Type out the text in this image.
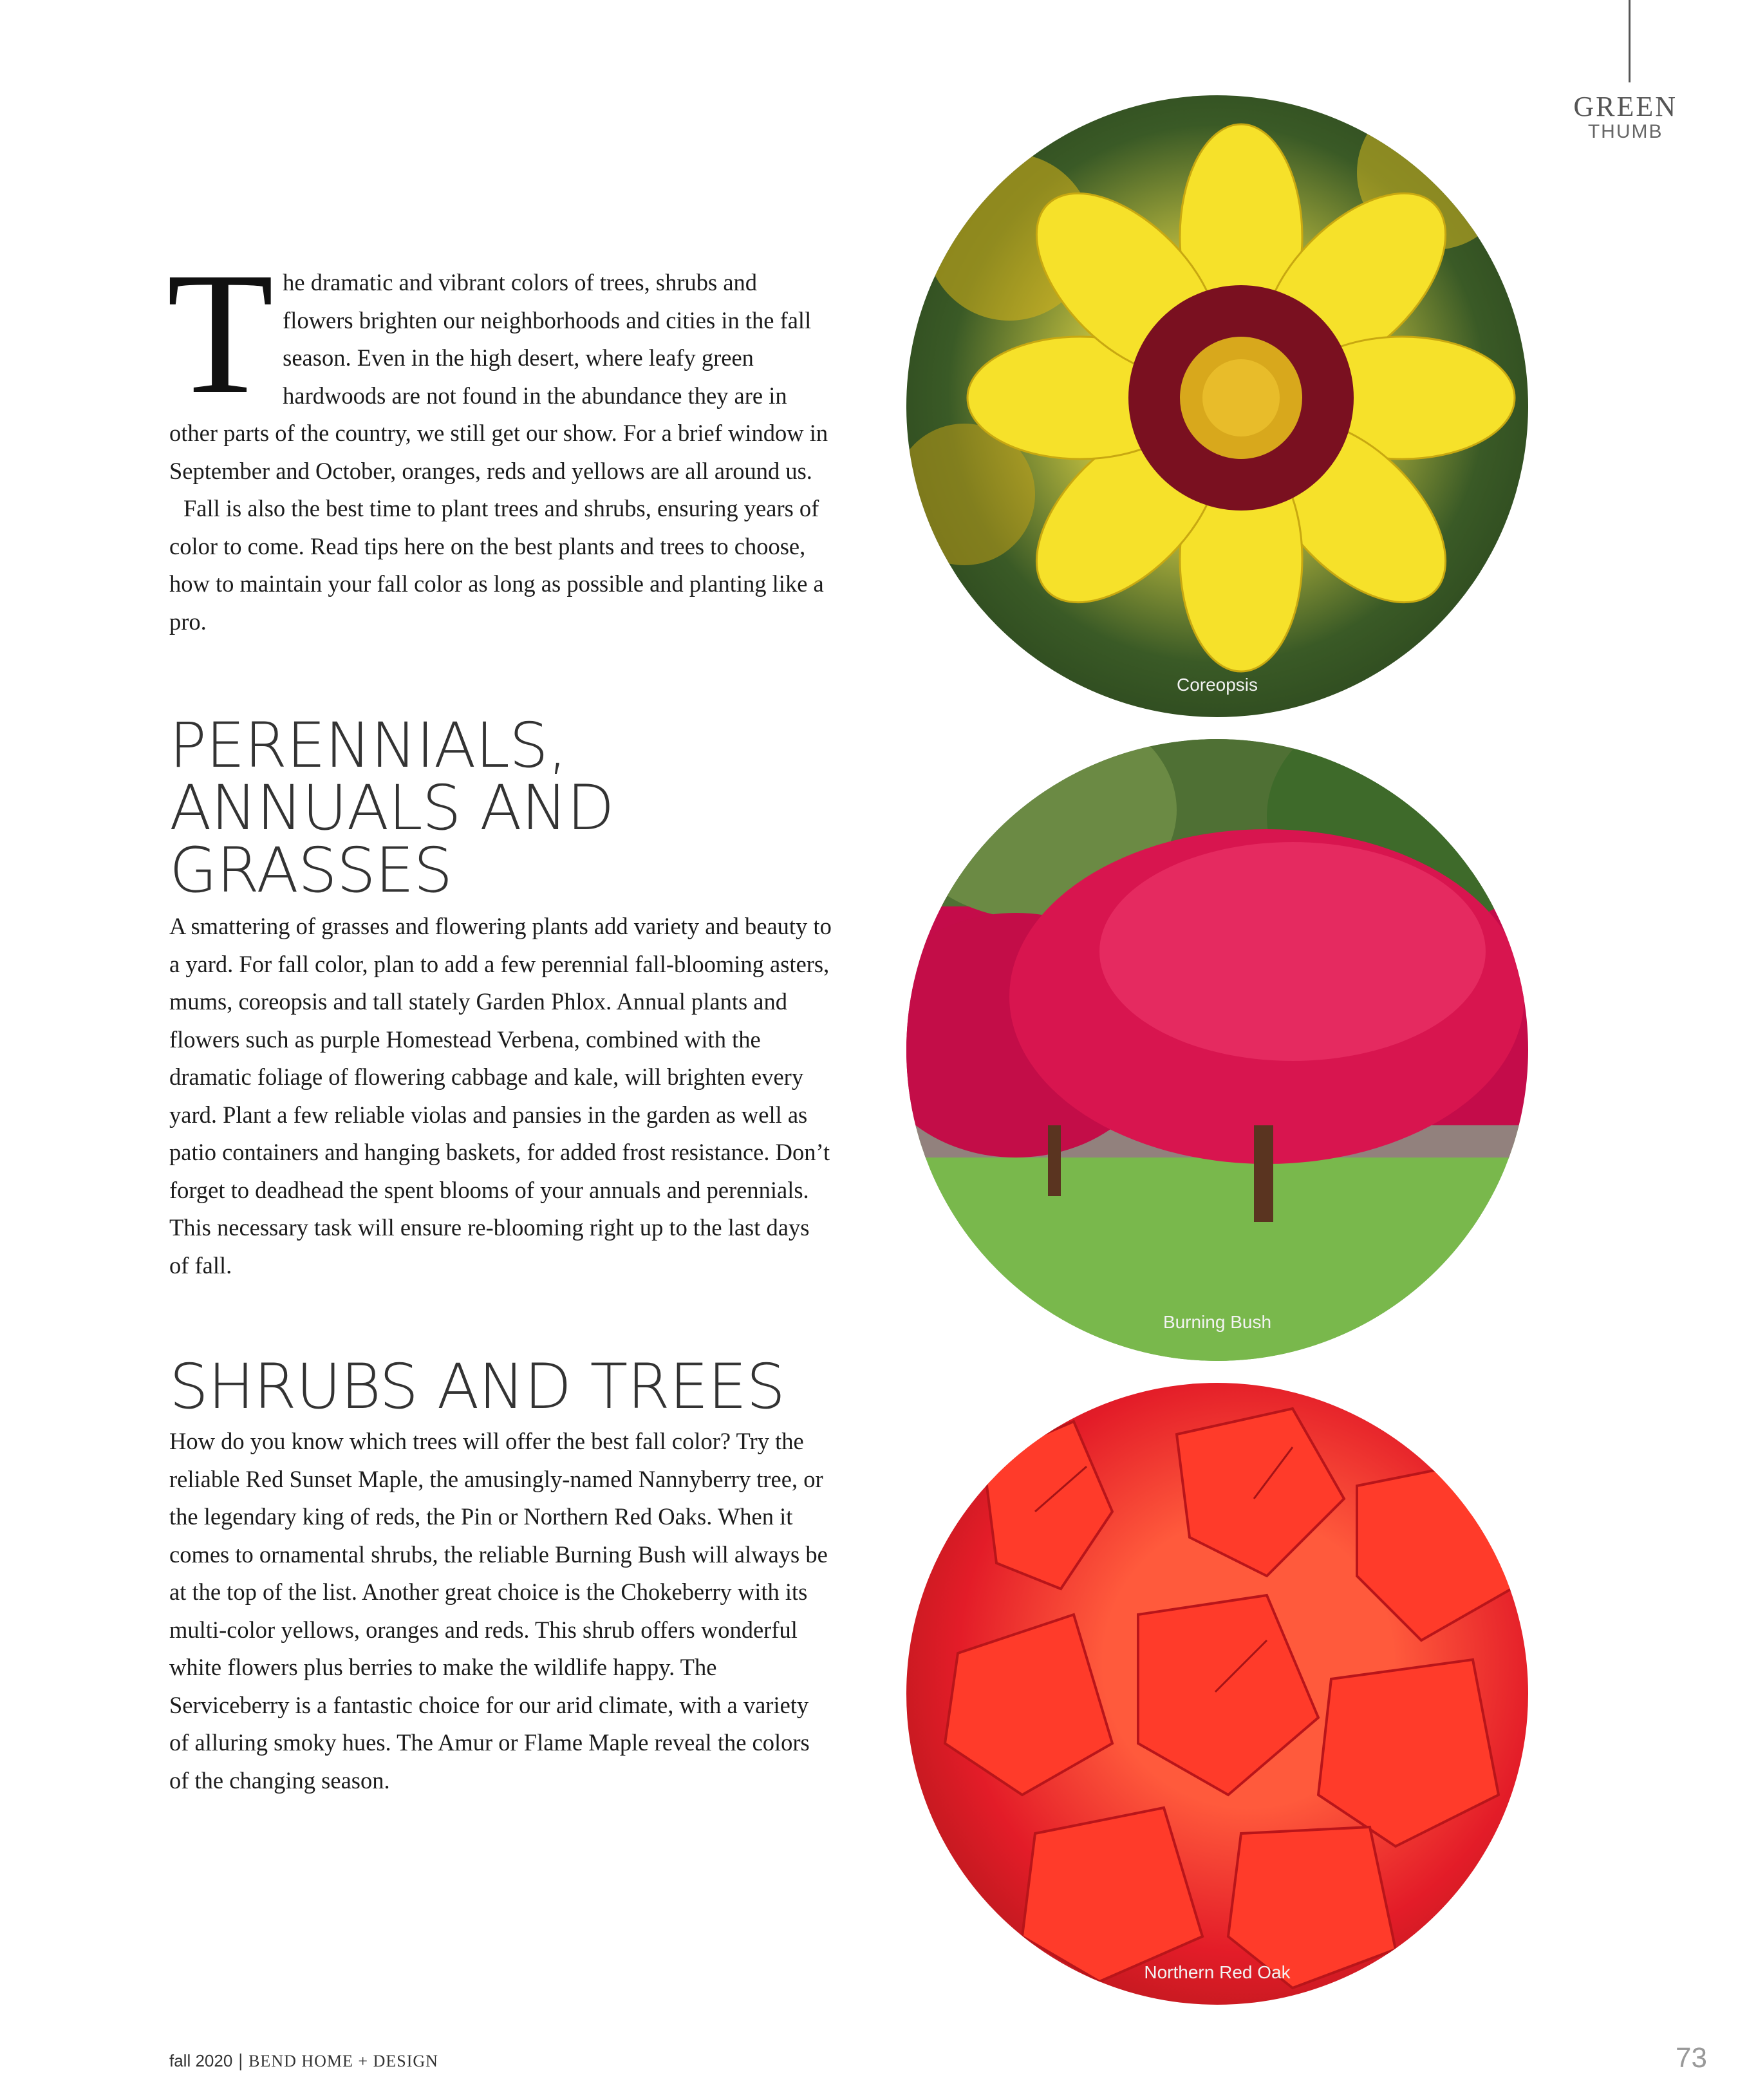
GREEN
THUMB

The dramatic and vibrant colors of trees, shrubs and flowers brighten our neighborhoods and cities in the fall season. Even in the high desert, where leafy green hardwoods are not found in the abundance they are in other parts of the country, we still get our show. For a brief window in September and October, oranges, reds and yellows are all around us.

Fall is also the best time to plant trees and shrubs, ensuring years of color to come. Read tips here on the best plants and trees to choose, how to maintain your fall color as long as possible and planting like a pro.

PERENNIALS, ANNUALS AND GRASSES

A smattering of grasses and flowering plants add variety and beauty to a yard. For fall color, plan to add a few perennial fall-blooming asters, mums, coreopsis and tall stately Garden Phlox. Annual plants and flowers such as purple Homestead Verbena, combined with the dramatic foliage of flowering cabbage and kale, will brighten every yard. Plant a few reliable violas and pansies in the garden as well as patio containers and hanging baskets, for added frost resistance. Don’t forget to deadhead the spent blooms of your annuals and perennials. This necessary task will ensure re-blooming right up to the last days of fall.

SHRUBS AND TREES

How do you know which trees will offer the best fall color? Try the reliable Red Sunset Maple, the amusingly-named Nannyberry tree, or the legendary king of reds, the Pin or Northern Red Oaks. When it comes to ornamental shrubs, the reliable Burning Bush will always be at the top of the list. Another great choice is the Chokeberry with its multi-color yellows, oranges and reds. This shrub offers wonderful white flowers plus berries to make the wildlife happy. The Serviceberry is a fantastic choice for our arid climate, with a variety of alluring smoky hues. The Amur or Flame Maple reveal the colors of the changing season.

Coreopsis
Burning Bush
Northern Red Oak
fall 2020 | BEND HOME + DESIGN	73
